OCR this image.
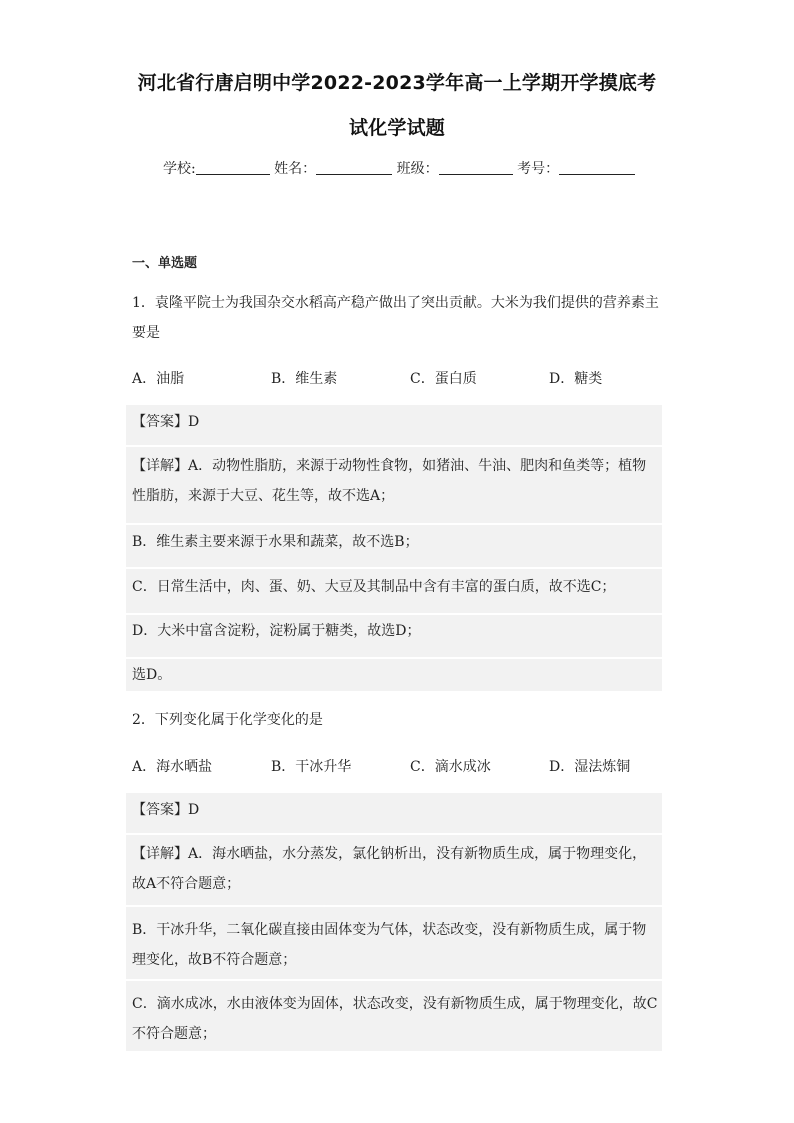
河北省行唐启明中学2022-2023学年高一上学期开学摸底考
试化学试题
学校:	姓名：	班级：	考号：
一、单选题
1．袁隆平院士为我国杂交水稻高产稳产做出了突出贡献。大米为我们提供的营养素主要是
A．油脂	B．维生素	C．蛋白质	D．糖类
【答案】D
【详解】A．动物性脂肪，来源于动物性食物，如猪油、牛油、肥肉和鱼类等；植物性脂肪，来源于大豆、花生等，故不选A；
B．维生素主要来源于水果和蔬菜，故不选B；
C．日常生活中，肉、蛋、奶、大豆及其制品中含有丰富的蛋白质，故不选C；
D．大米中富含淀粉，淀粉属于糖类，故选D；
选D。
2．下列变化属于化学变化的是
A．海水晒盐	B．干冰升华	C．滴水成冰	D．湿法炼铜
【答案】D
【详解】A．海水晒盐，水分蒸发，氯化钠析出，没有新物质生成，属于物理变化，故A不符合题意；
B．干冰升华，二氧化碳直接由固体变为气体，状态改变，没有新物质生成，属于物理变化，故B不符合题意；
C．滴水成冰，水由液体变为固体，状态改变，没有新物质生成，属于物理变化，故C不符合题意；
